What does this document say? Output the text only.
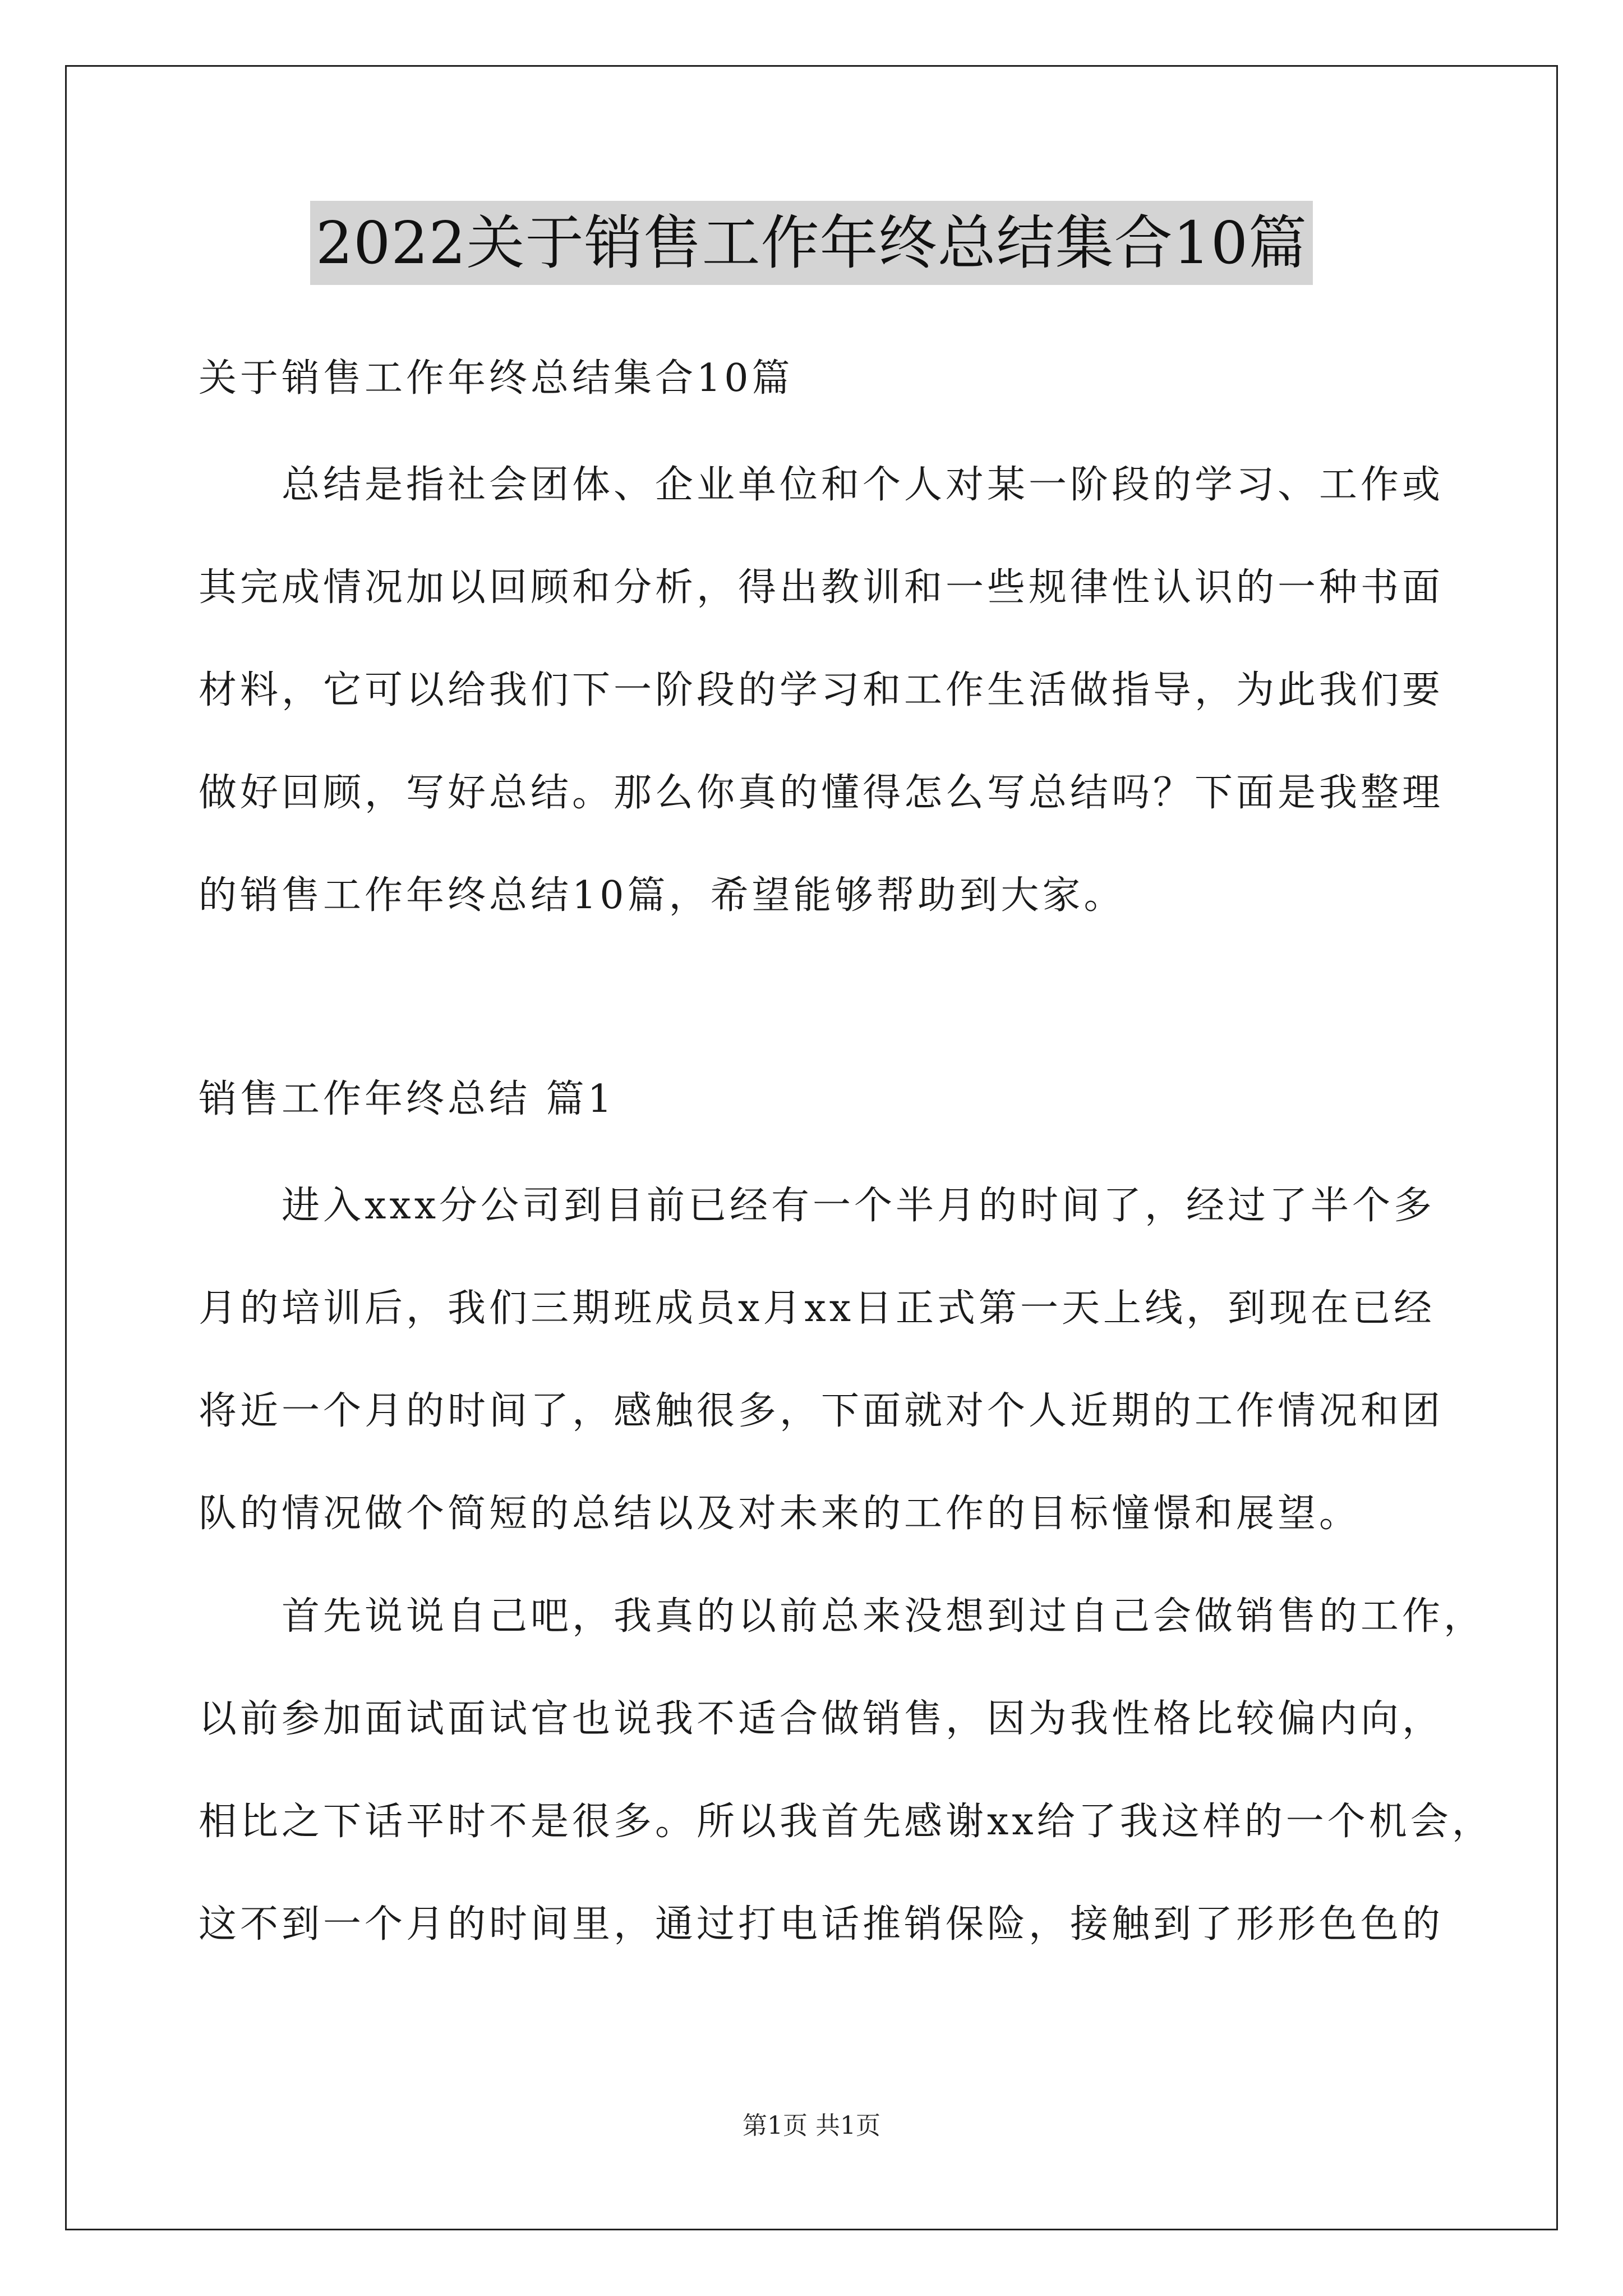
2022关于销售工作年终总结集合10篇
关于销售工作年终总结集合10篇
总结是指社会团体、企业单位和个人对某一阶段的学习、工作或
其完成情况加以回顾和分析，得出教训和一些规律性认识的一种书面
材料，它可以给我们下一阶段的学习和工作生活做指导，为此我们要
做好回顾，写好总结。那么你真的懂得怎么写总结吗？下面是我整理
的销售工作年终总结10篇，希望能够帮助到大家。
销售工作年终总结 篇1
进入xxx分公司到目前已经有一个半月的时间了，经过了半个多
月的培训后，我们三期班成员x月xx日正式第一天上线，到现在已经
将近一个月的时间了，感触很多，下面就对个人近期的工作情况和团
队的情况做个简短的总结以及对未来的工作的目标憧憬和展望。
首先说说自己吧，我真的以前总来没想到过自己会做销售的工作，
以前参加面试面试官也说我不适合做销售，因为我性格比较偏内向，
相比之下话平时不是很多。所以我首先感谢xx给了我这样的一个机会，
这不到一个月的时间里，通过打电话推销保险，接触到了形形色色的
第1页 共1页
